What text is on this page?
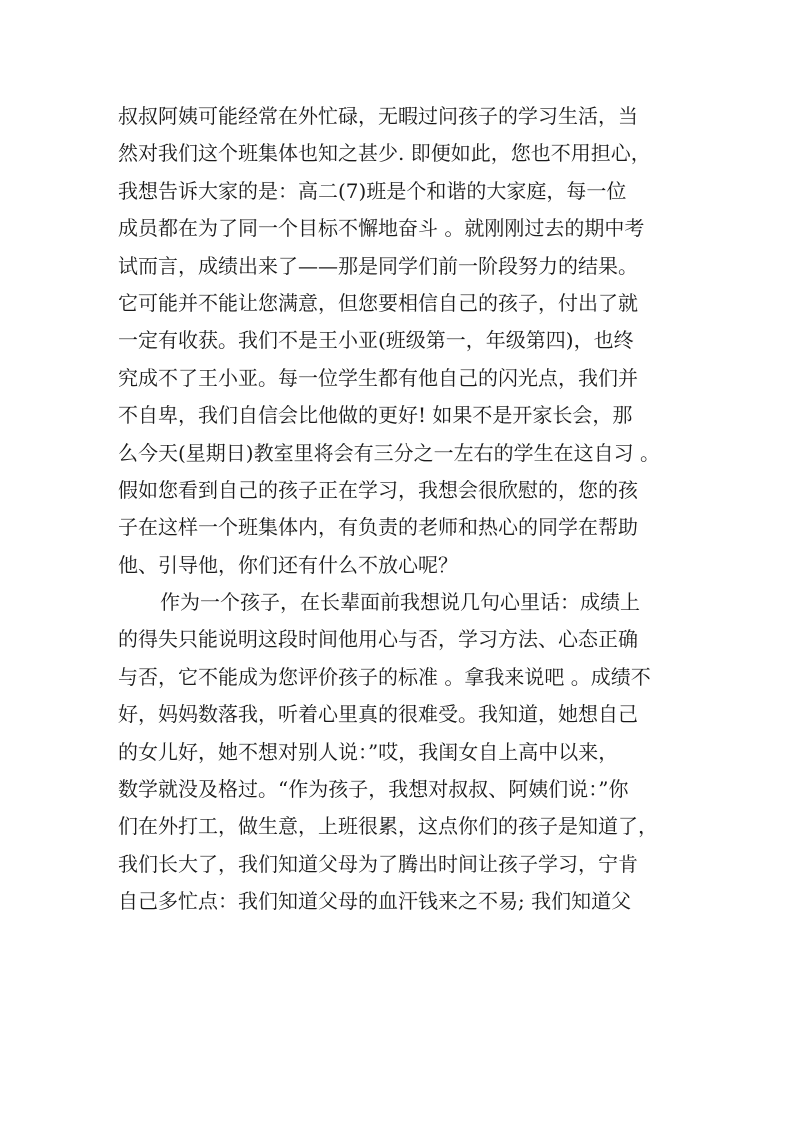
叔叔阿姨可能经常在外忙碌，无暇过问孩子的学习生活，当
然对我们这个班集体也知之甚少. 即便如此，您也不用担心，
我想告诉大家的是：高二(7)班是个和谐的大家庭，每一位
成员都在为了同一个目标不懈地奋斗 。就刚刚过去的期中考
试而言，成绩出来了——那是同学们前一阶段努力的结果。
它可能并不能让您满意，但您要相信自己的孩子，付出了就
一定有收获。我们不是王小亚(班级第一，年级第四)，也终
究成不了王小亚。每一位学生都有他自己的闪光点，我们并
不自卑，我们自信会比他做的更好! 如果不是开家长会，那
么今天(星期日)教室里将会有三分之一左右的学生在这自习 。
假如您看到自己的孩子正在学习，我想会很欣慰的，您的孩
子在这样一个班集体内，有负责的老师和热心的同学在帮助
他、引导他，你们还有什么不放心呢？
作为一个孩子，在长辈面前我想说几句心里话：成绩上
的得失只能说明这段时间他用心与否，学习方法、心态正确
与否，它不能成为您评价孩子的标准 。拿我来说吧 。成绩不
好，妈妈数落我，听着心里真的很难受。我知道，她想自己
的女儿好，她不想对别人说：”哎，我闺女自上高中以来，
数学就没及格过。“作为孩子，我想对叔叔、阿姨们说：”你
们在外打工，做生意，上班很累，这点你们的孩子是知道了，
我们长大了，我们知道父母为了腾出时间让孩子学习，宁肯
自己多忙点：我们知道父母的血汗钱来之不易; 我们知道父
